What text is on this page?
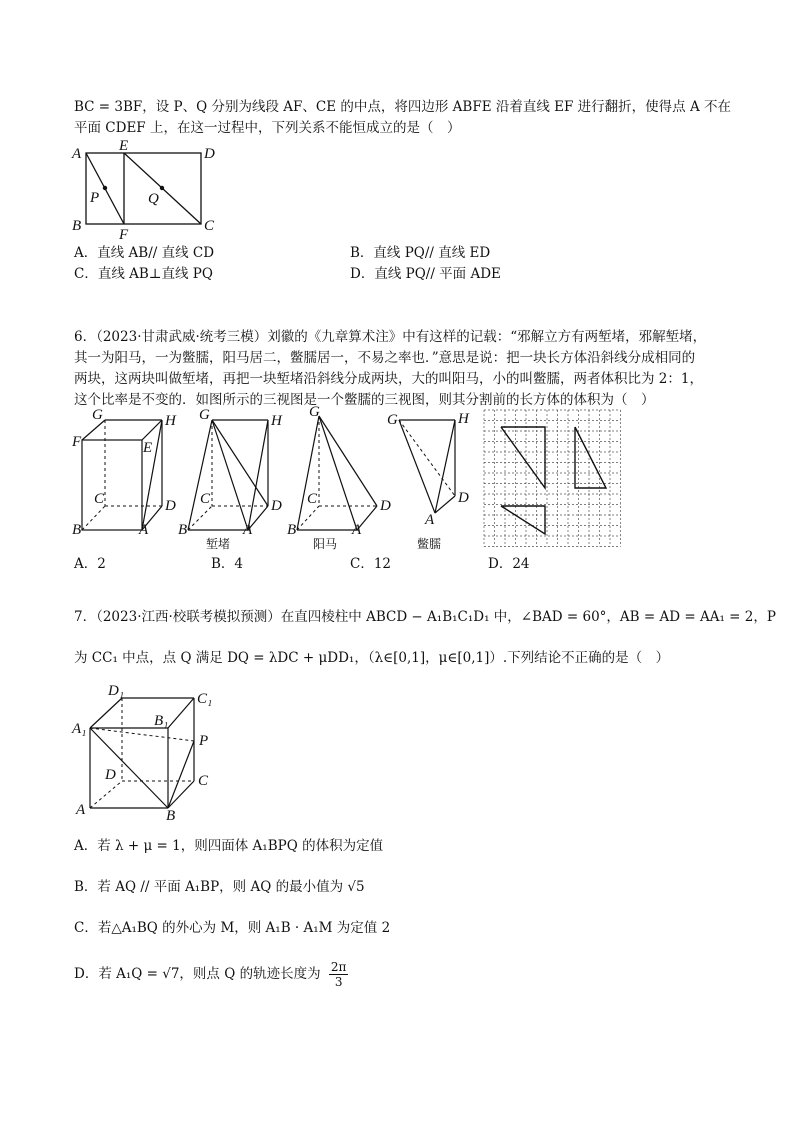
BC = 3BF，设 P、Q 分别为线段 AF、CE 的中点，将四边形 ABFE 沿着直线 EF 进行翻折，使得点 A 不在
平面 CDEF 上，在这一过程中，下列关系不能恒成立的是（　）
A	E	D
P	Q
B
F
C
A．直线 AB// 直线 CD	B．直线 PQ// 直线 ED
C．直线 AB⊥直线 PQ	D．直线 PQ// 平面 ADE
6．（2023·甘肃武威·统考三模）刘徽的《九章算术注》中有这样的记载：“邪解立方有两堑堵，邪解堑堵，
其一为阳马，一为鳖臑，阳马居二，鳖臑居一，不易之率也．”意思是说：把一块长方体沿斜线分成相同的
两块，这两块叫做堑堵，再把一块堑堵沿斜线分成两块，大的叫阳马，小的叫鳖臑，两者体积比为 2：1，
这个比率是不变的．如图所示的三视图是一个鳖臑的三视图，则其分割前的长方体的体积为（　）
G	H
F	E
C	D
B	A
G	H
C	D
B	A
堑堵
G
C	D
B	A
阳马
G	H
D
A
鳖臑
A．2	B．4	C．12	D．24
7．（2023·江西·校联考模拟预测）在直四棱柱中 ABCD − A₁B₁C₁D₁ 中，∠BAD = 60°，AB = AD = AA₁ = 2，P
为 CC₁ 中点，点 Q 满足 DQ = λDC + μDD₁，（λ∈[0,1]，μ∈[0,1]）.下列结论不正确的是（　）
D₁	C₁
B₁
A₁
P
D	C
A	B
A．若 λ + μ = 1，则四面体 A₁BPQ 的体积为定值
B．若 AQ // 平面 A₁BP，则 AQ 的最小值为 √5
C．若△A₁BQ 的外心为 M，则 A₁B · A₁M 为定值 2
D．若 A₁Q = √7，则点 Q 的轨迹长度为 $\frac{2\pi}{3}$
